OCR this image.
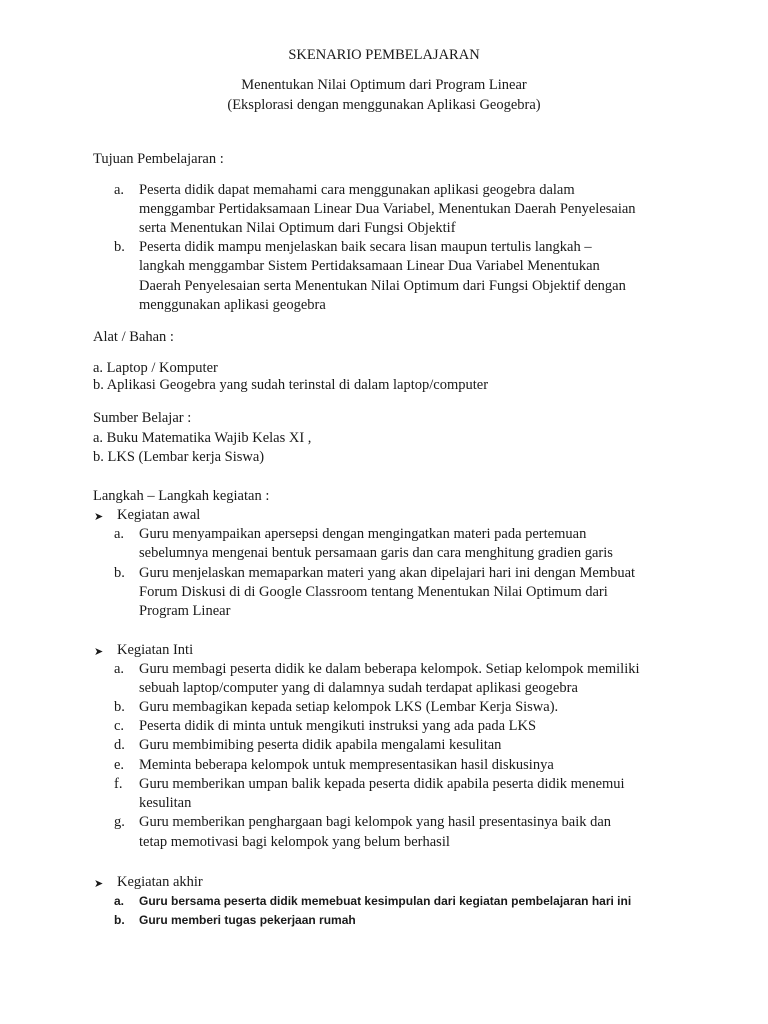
SKENARIO PEMBELAJARAN
Menentukan Nilai Optimum dari Program Linear
(Eksplorasi dengan menggunakan Aplikasi Geogebra)
Tujuan Pembelajaran :
a. Peserta didik dapat memahami cara menggunakan aplikasi geogebra dalam
menggambar Pertidaksamaan Linear Dua Variabel, Menentukan Daerah Penyelesaian
serta Menentukan Nilai Optimum dari Fungsi Objektif
b. Peserta didik mampu menjelaskan baik secara lisan maupun tertulis langkah –
langkah menggambar Sistem Pertidaksamaan Linear Dua Variabel Menentukan
Daerah Penyelesaian serta Menentukan Nilai Optimum dari Fungsi Objektif dengan
menggunakan aplikasi geogebra
Alat / Bahan :
a. Laptop / Komputer
b. Aplikasi Geogebra yang sudah terinstal di dalam laptop/computer
Sumber Belajar :
a. Buku Matematika Wajib Kelas XI ,
b. LKS (Lembar kerja Siswa)
Langkah – Langkah kegiatan :
➤ Kegiatan awal
a. Guru menyampaikan apersepsi dengan mengingatkan materi pada pertemuan
sebelumnya mengenai bentuk persamaan garis dan cara menghitung gradien garis
b. Guru menjelaskan memaparkan materi yang akan dipelajari hari ini dengan Membuat
Forum Diskusi di di Google Classroom tentang Menentukan Nilai Optimum dari
Program Linear
➤ Kegiatan Inti
a. Guru membagi peserta didik ke dalam beberapa kelompok. Setiap kelompok memiliki
sebuah laptop/computer yang di dalamnya sudah terdapat aplikasi geogebra
b. Guru membagikan kepada setiap kelompok LKS (Lembar Kerja Siswa).
c. Peserta didik di minta untuk mengikuti instruksi yang ada pada LKS
d. Guru membimibing peserta didik apabila mengalami kesulitan
e. Meminta beberapa kelompok untuk mempresentasikan hasil diskusinya
f. Guru memberikan umpan balik kepada peserta didik apabila peserta didik menemui
kesulitan
g. Guru memberikan penghargaan bagi kelompok yang hasil presentasinya baik dan
tetap memotivasi bagi kelompok yang belum berhasil
➤ Kegiatan akhir
a. Guru bersama peserta didik memebuat kesimpulan dari kegiatan pembelajaran hari ini
b. Guru memberi tugas pekerjaan rumah
